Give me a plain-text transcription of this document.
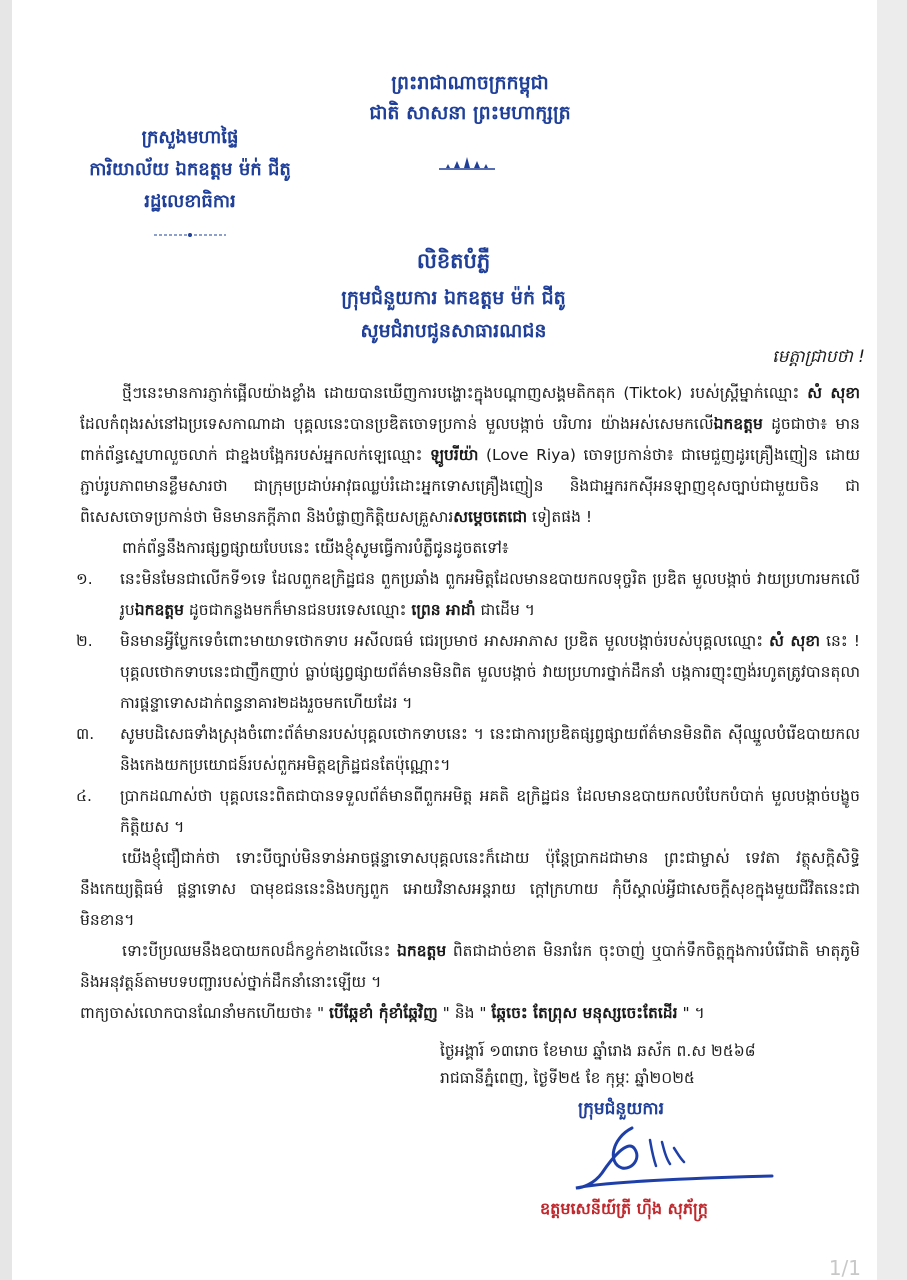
ព្រះរាជាណាចក្រកម្ពុជា
ជាតិ សាសនា ព្រះមហាក្សត្រ
ក្រសួងមហាផ្ទៃ
ការិយាល័យ ឯកឧត្តម ម៉ក់ ជីតូ
រដ្ឋលេខាធិការ
លិខិតបំភ្លឺ
ក្រុមជំនួយការ ឯកឧត្តម ម៉ក់ ជីតូ
សូមជំរាបជូនសាធារណជន
មេត្តាជ្រាបថា !

ថ្មីៗនេះមានការភ្ញាក់ផ្អើលយ៉ាងខ្លាំង ដោយបានឃើញការបង្ហោះក្នុងបណ្តាញសង្គមតិកតុក (Tiktok) របស់ស្ត្រីម្នាក់ឈ្មោះ សំ សុខា ដែលកំពុងរស់នៅឯប្រទេសកាណាដា បុគ្គលនេះបានប្រឌិតចោទប្រកាន់ មួលបង្កាច់ បរិហារ យ៉ាងអស់សេមកលើឯកឧត្តម ដូចជាថា៖ មានពាក់ព័ន្ធស្នេហាលួចលាក់ ជាខ្នងបង្អែករបស់អ្នកលក់ឡេឈ្មោះ ឡូបរីយ៉ា (Love Riya) ចោទប្រកាន់ថា៖ ជាមេជួញដូរគ្រឿងញៀន ដោយភ្ជាប់រូបភាពមានខ្លឹមសារថា ជាក្រុមប្រដាប់អាវុធឈ្លប់រំដោះអ្នកទោសគ្រឿងញៀន និងជាអ្នករកស៊ីអនឡាញខុសច្បាប់ជាមួយចិន ជាពិសេសចោទប្រកាន់ថា មិនមានភក្តីភាព និងបំផ្លាញកិត្តិយសគ្រួសារសម្តេចតេជោ ទៀតផង !

ពាក់ព័ន្ធនឹងការផ្សព្វផ្សាយបែបនេះ យើងខ្ញុំសូមធ្វើការបំភ្លឺជូនដូចតទៅ៖

១.	នេះមិនមែនជាលើកទី១ទេ ដែលពួកឧក្រិដ្ឋជន ពួកប្រឆាំង ពួកអមិត្តដែលមានឧបាយកលទុច្ចរិត ប្រឌិត មួលបង្កាច់ វាយប្រហារមកលើរូបឯកឧត្តម ដូចជាកន្លងមកក៏មានជនបរទេសឈ្មោះ ព្រេន អាដាំ ជាដើម ។
២.	មិនមានអ្វីប្លែកទេចំពោះមាយាទថោកទាប អសីលធម៌ ជេរប្រមាថ អាសអាភាស ប្រឌិត មួលបង្កាច់របស់បុគ្គលឈ្មោះ សំ សុខា នេះ ! បុគ្គលថោកទាបនេះជាញឹកញាប់ ធ្លាប់ផ្សព្វផ្សាយព័ត៌មានមិនពិត មួលបង្កាច់ វាយប្រហារថ្នាក់ដឹកនាំ បង្កការញុះញង់រហូតត្រូវបានតុលាការផ្តន្ទាទោសដាក់ពន្ធនាគារ២ដងរួចមកហើយដែរ ។
៣.	សូមបដិសេធទាំងស្រុងចំពោះព័ត៌មានរបស់បុគ្គលថោកទាបនេះ ។ នេះជាការប្រឌិតផ្សព្វផ្សាយព័ត៌មានមិនពិត ស៊ីឈ្នួលបំរើឧបាយកល និងកេងយកប្រយោជន៍របស់ពួកអមិត្តឧក្រិដ្ឋជនតែប៉ុណ្ណោះ។
៤.	ប្រាកដណាស់ថា បុគ្គលនេះពិតជាបានទទួលព័ត៌មានពីពួកអមិត្ត អគតិ ឧក្រិដ្ឋជន ដែលមានឧបាយកលបំបែកបំបាក់ មួលបង្កាច់បង្ខូចកិត្តិយស ។

យើងខ្ញុំជឿជាក់ថា ទោះបីច្បាប់មិនទាន់អាចផ្តន្ទាទោសបុគ្គលនេះក៏ដោយ ប៉ុន្តែប្រាកដជាមាន ព្រះជាម្ចាស់ ទេវតា វត្ថុសក្តិសិទ្ធិ នឹងកេយ្យត្តិធម៌ ផ្តន្ទាទោស បាមុខជននេះនិងបក្សពួក អោយវិនាសអន្តរាយ ក្តៅក្រហាយ កុំបីស្គាល់អ្វីជាសេចក្តីសុខក្នុងមួយជីវិតនេះជាមិនខាន។

ទោះបីប្រឈមនឹងឧបាយកលដ៏កខ្វក់ខាងលើនេះ ឯកឧត្តម ពិតជាដាច់ខាត មិនរារែក ចុះចាញ់ ឬបាក់ទឹកចិត្តក្នុងការបំរើជាតិ មាតុភូមិ និងអនុវត្តន៍តាមបទបញ្ជារបស់ថ្នាក់ដឹកនាំនោះឡើយ ។

ពាក្យចាស់លោកបានណែនាំមកហើយថា៖ " បើឆ្កែខាំ កុំខាំឆ្កែវិញ " និង " ឆ្កែចេះ តែព្រុស មនុស្សចេះតែដើរ " ។

ថ្ងៃអង្គារ៍ ១៣រោច ខែមាឃ ឆ្នាំរោង ឆស័ក ព.ស ២៥៦៨
រាជធានីភ្នំពេញ, ថ្ងៃទី២៥ ខែ កុម្ភៈ ឆ្នាំ២០២៥
ក្រុមជំនួយការ
ឧត្តមសេនីយ៍ត្រី ហ៊ីង សុភ័ក្ត្រ
1/1
